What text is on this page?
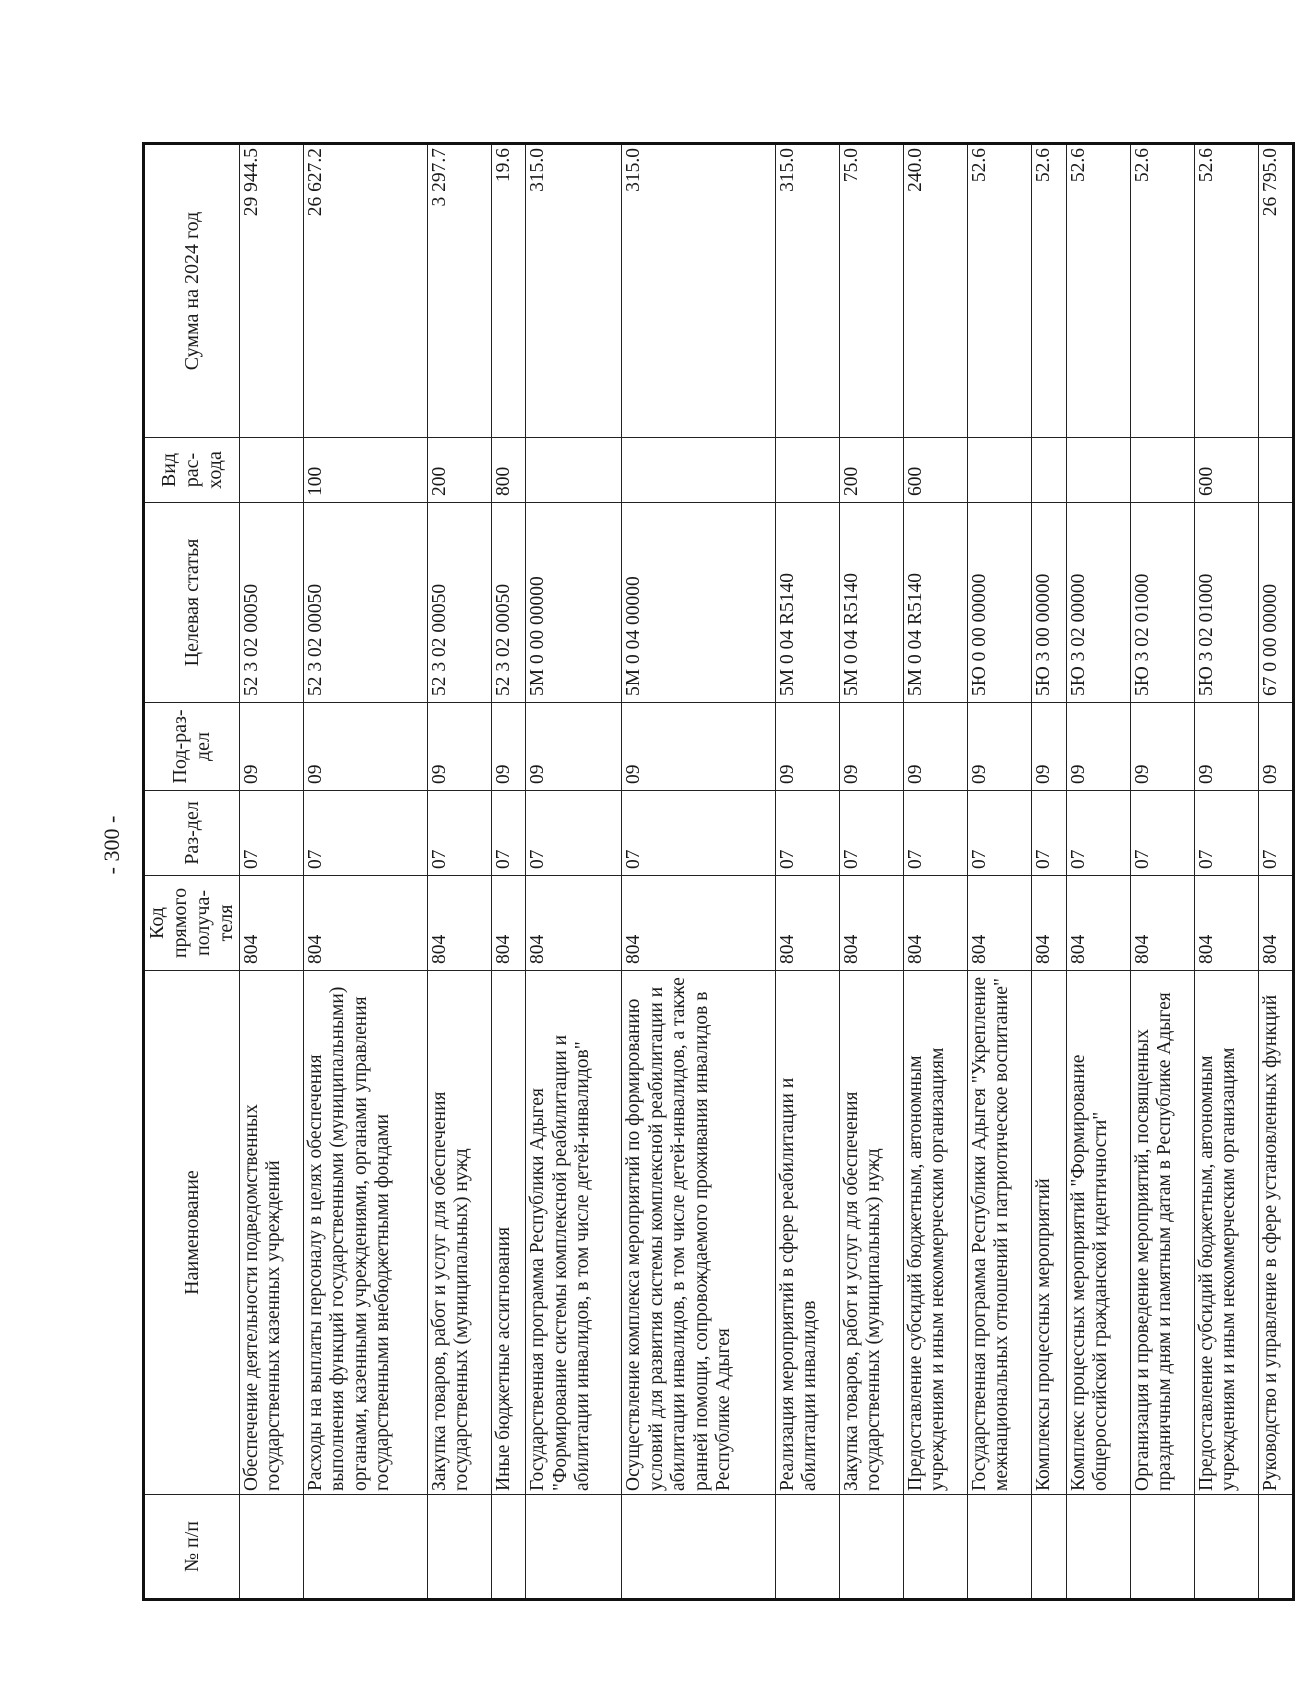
- 300 -
№ п/п	Наименование	Код прямого получа-теля	Раз-дел	Под-раз-дел	Целевая статья	Вид рас-хода	Сумма на 2024 год
	Обеспечение деятельности подведомственных государственных казенных учреждений	804	07	09	52 3 02 00050		29 944.5
	Расходы на выплаты персоналу в целях обеспечения выполнения функций государственными (муниципальными) органами, казенными учреждениями, органами управления государственными внебюджетными фондами	804	07	09	52 3 02 00050	100	26 627.2
	Закупка товаров, работ и услуг для обеспечения государственных (муниципальных) нужд	804	07	09	52 3 02 00050	200	3 297.7
	Иные бюджетные ассигнования	804	07	09	52 3 02 00050	800	19.6
	Государственная программа Республики Адыгея "Формирование системы комплексной реабилитации и абилитации инвалидов, в том числе детей-инвалидов"	804	07	09	5М 0 00 00000		315.0
	Осуществление комплекса мероприятий по формированию условий для развития системы комплексной реабилитации и абилитации инвалидов, в том числе детей-инвалидов, а также ранней помощи, сопровождаемого проживания инвалидов в Республике Адыгея	804	07	09	5М 0 04 00000		315.0
	Реализация мероприятий в сфере реабилитации и абилитации инвалидов	804	07	09	5М 0 04 R5140		315.0
	Закупка товаров, работ и услуг для обеспечения государственных (муниципальных) нужд	804	07	09	5М 0 04 R5140	200	75.0
	Предоставление субсидий бюджетным, автономным учреждениям и иным некоммерческим организациям	804	07	09	5М 0 04 R5140	600	240.0
	Государственная программа Республики Адыгея "Укрепление межнациональных отношений и патриотическое воспитание"	804	07	09	5Ю 0 00 00000		52.6
	Комплексы процессных мероприятий	804	07	09	5Ю 3 00 00000		52.6
	Комплекс процессных мероприятий "Формирование общероссийской гражданской идентичности"	804	07	09	5Ю 3 02 00000		52.6
	Организация и проведение мероприятий, посвященных праздничным дням и памятным датам в Республике Адыгея	804	07	09	5Ю 3 02 01000		52.6
	Предоставление субсидий бюджетным, автономным учреждениям и иным некоммерческим организациям	804	07	09	5Ю 3 02 01000	600	52.6
	Руководство и управление в сфере установленных функций	804	07	09	67 0 00 00000		26 795.0
